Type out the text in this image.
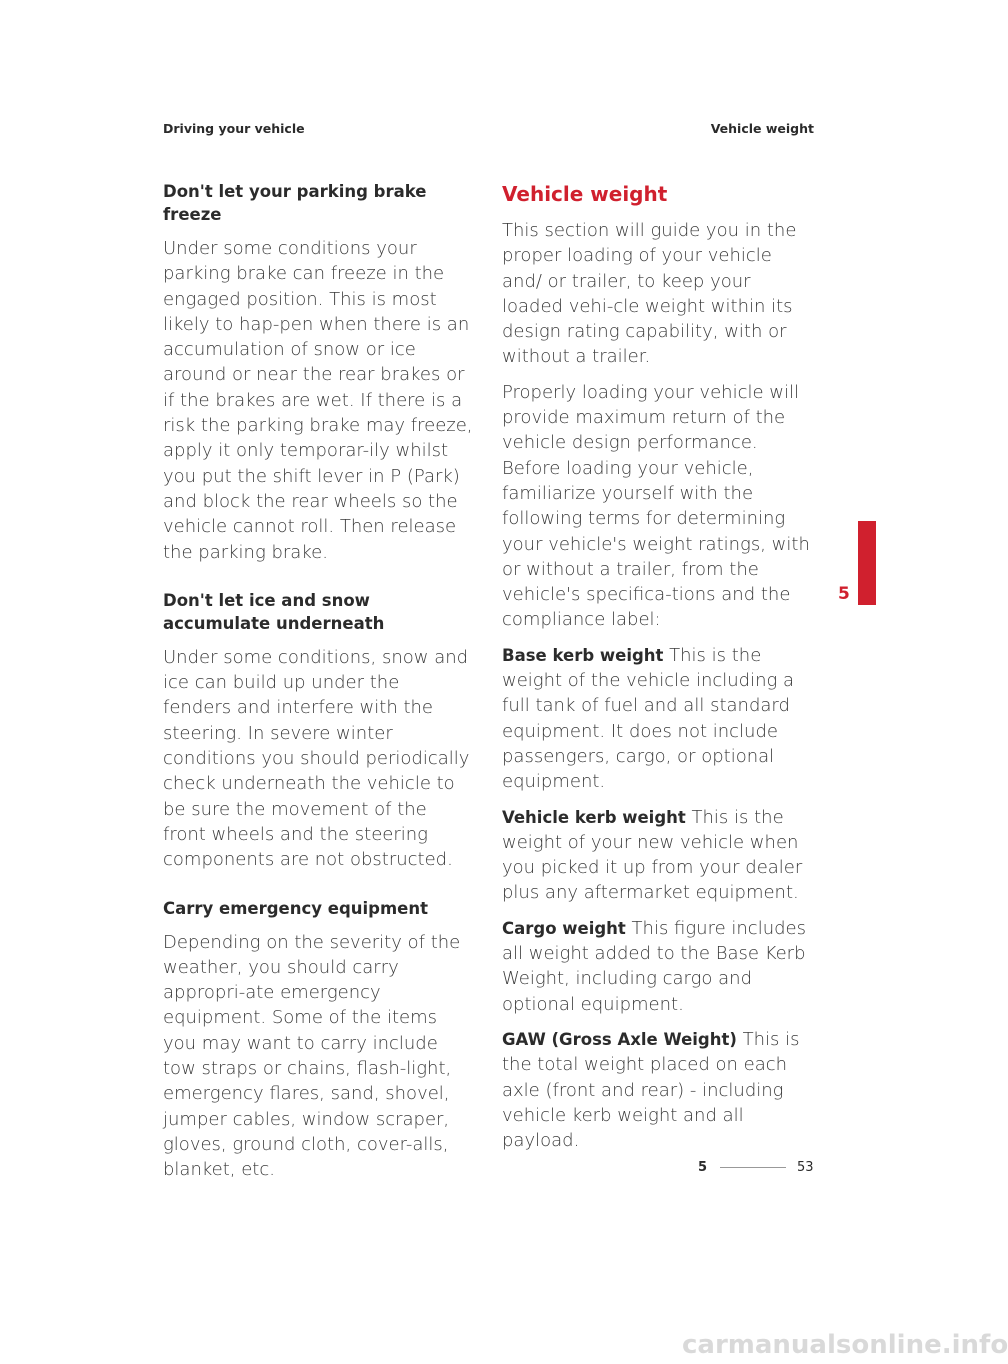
Driving your vehicle	Vehicle weight
Don't let your parking brake freeze

Under some conditions your parking brake can freeze in the engaged position. This is most likely to hap-pen when there is an accumulation of snow or ice around or near the rear brakes or if the brakes are wet. If there is a risk the parking brake may freeze, apply it only temporar-ily whilst you put the shift lever in P (Park) and block the rear wheels so the vehicle cannot roll. Then release the parking brake.

Don't let ice and snow accumulate underneath

Under some conditions, snow and ice can build up under the fenders and interfere with the steering. In severe winter conditions you should periodically check underneath the vehicle to be sure the movement of the front wheels and the steering components are not obstructed.

Carry emergency equipment

Depending on the severity of the weather, you should carry appropri-ate emergency equipment. Some of the items you may want to carry include tow straps or chains, flash-light, emergency flares, sand, shovel, jumper cables, window scraper, gloves, ground cloth, cover-alls, blanket, etc.

Vehicle weight

This section will guide you in the proper loading of your vehicle and/ or trailer, to keep your loaded vehi-cle weight within its design rating capability, with or without a trailer.

Properly loading your vehicle will provide maximum return of the vehicle design performance. Before loading your vehicle, familiarize yourself with the following terms for determining your vehicle's weight ratings, with or without a trailer, from the vehicle's specifica-tions and the compliance label:

Base kerb weight This is the weight of the vehicle including a full tank of fuel and all standard equipment. It does not include passengers, cargo, or optional equipment.

Vehicle kerb weight This is the weight of your new vehicle when you picked it up from your dealer plus any aftermarket equipment.

Cargo weight This figure includes all weight added to the Base Kerb Weight, including cargo and optional equipment.

GAW (Gross Axle Weight) This is the total weight placed on each axle (front and rear) - including vehicle kerb weight and all payload.

5
5	53
carmanualsonline.info
